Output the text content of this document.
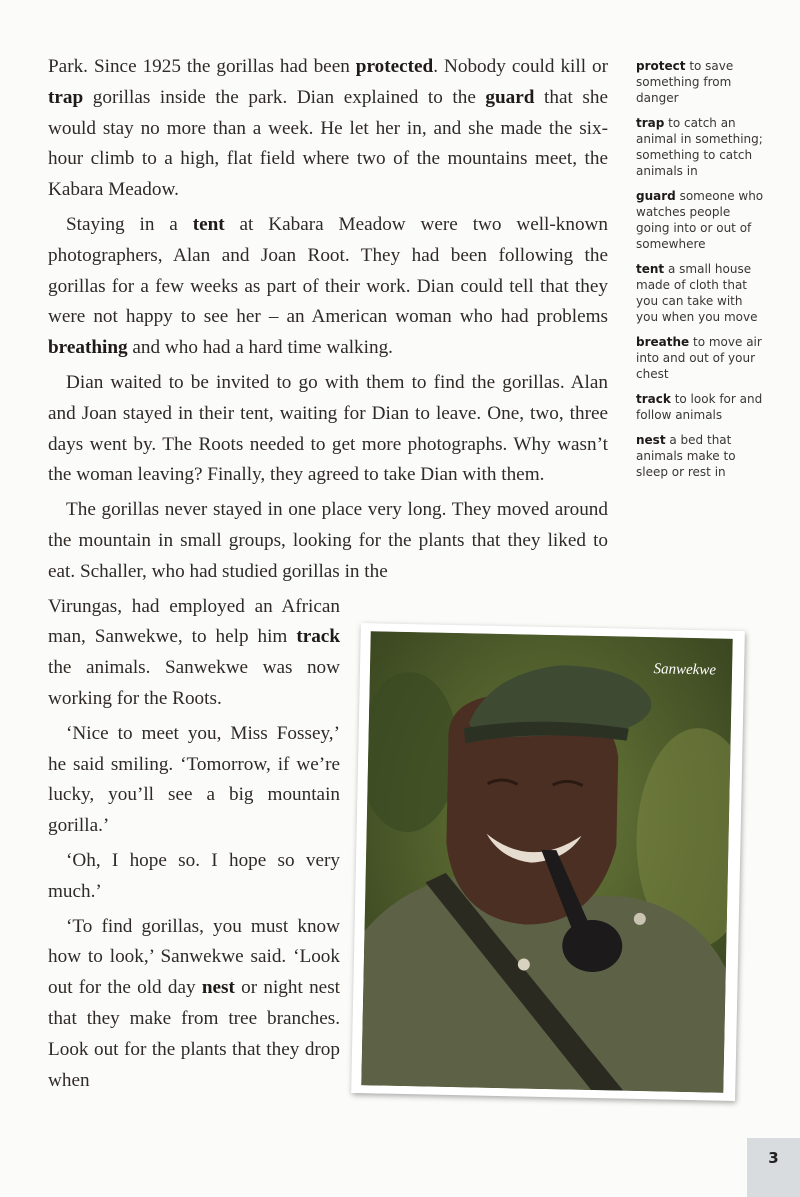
Park. Since 1925 the gorillas had been protected. Nobody could kill or trap gorillas inside the park. Dian explained to the guard that she would stay no more than a week. He let her in, and she made the six-hour climb to a high, flat field where two of the mountains meet, the Kabara Meadow.

Staying in a tent at Kabara Meadow were two well-known photographers, Alan and Joan Root. They had been following the gorillas for a few weeks as part of their work. Dian could tell that they were not happy to see her – an American woman who had problems breathing and who had a hard time walking.

Dian waited to be invited to go with them to find the gorillas. Alan and Joan stayed in their tent, waiting for Dian to leave. One, two, three days went by. The Roots needed to get more photographs. Why wasn’t the woman leaving? Finally, they agreed to take Dian with them.

The gorillas never stayed in one place very long. They moved around the mountain in small groups, looking for the plants that they liked to eat. Schaller, who had studied gorillas in the

Virungas, had employed an African man, Sanwekwe, to help him track the animals. Sanwekwe was now working for the Roots.

‘Nice to meet you, Miss Fossey,’ he said smiling. ‘Tomorrow, if we’re lucky, you’ll see a big mountain gorilla.’

‘Oh, I hope so. I hope so very much.’

‘To find gorillas, you must know how to look,’ Sanwekwe said. ‘Look out for the old day nest or night nest that they make from tree branches. Look out for the plants that they drop when

protect to save something from danger
trap to catch an animal in something; something to catch animals in
guard someone who watches people going into or out of somewhere
tent a small house made of cloth that you can take with you when you move
breathe to move air into and out of your chest
track to look for and follow animals
nest a bed that animals make to sleep or rest in
Sanwekwe
3
